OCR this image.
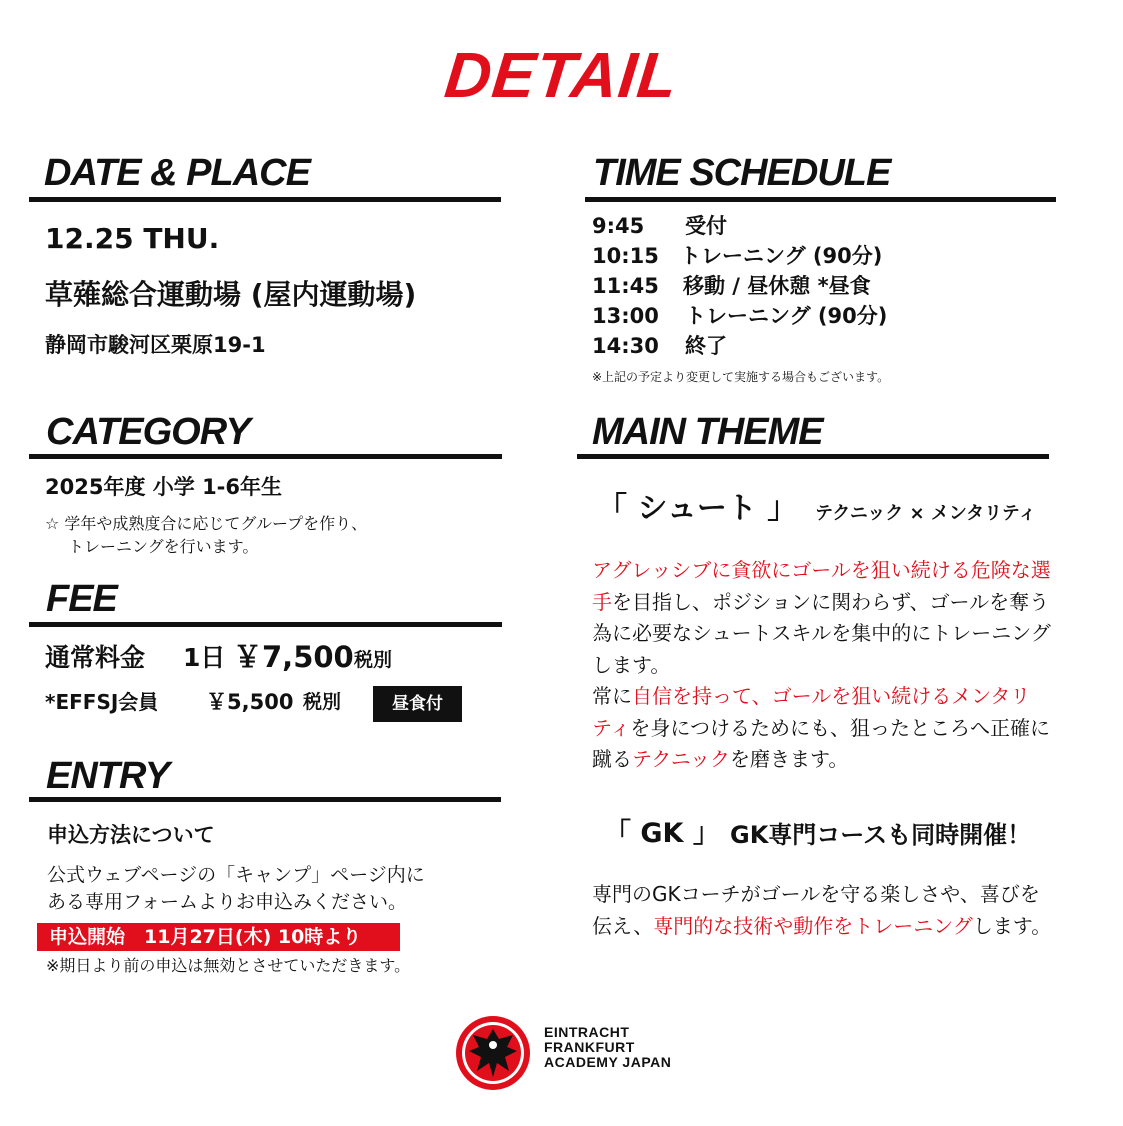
DETAIL
DATE & PLACE
12.25 THU.
草薙総合運動場 (屋内運動場)
静岡市駿河区栗原19-1
CATEGORY
2025年度 小学 1-6年生
☆ 学年や成熟度合に応じてグループを作り、
トレーニングを行います。
FEE
通常料金 1日 ￥7,500 税別
*EFFSJ会員 ￥5,500 税別	昼食付
ENTRY
申込方法について
公式ウェブページの「キャンプ」ページ内に
ある専用フォームよりお申込みください。
申込開始　11月27日(木) 10時より
※期日より前の申込は無効とさせていただきます。
TIME SCHEDULE
9:45 受付
10:15 トレーニング (90分)
11:45 移動 / 昼休憩 *昼食
13:00 トレーニング (90分)
14:30 終了
※上記の予定より変更して実施する場合もございます。
MAIN THEME
「 シュート 」 テクニック × メンタリティ
アグレッシブに貪欲にゴールを狙い続ける危険な選
手を目指し、ポジションに関わらず、ゴールを奪う
為に必要なシュートスキルを集中的にトレーニング
します。
常に自信を持って、ゴールを狙い続けるメンタリ
ティを身につけるためにも、狙ったところへ正確に
蹴るテクニックを磨きます。
「 GK 」 GK専門コースも同時開催！
専門のGKコーチがゴールを守る楽しさや、喜びを
伝え、専門的な技術や動作をトレーニングします。
EINTRACHT
FRANKFURT
ACADEMY JAPAN
